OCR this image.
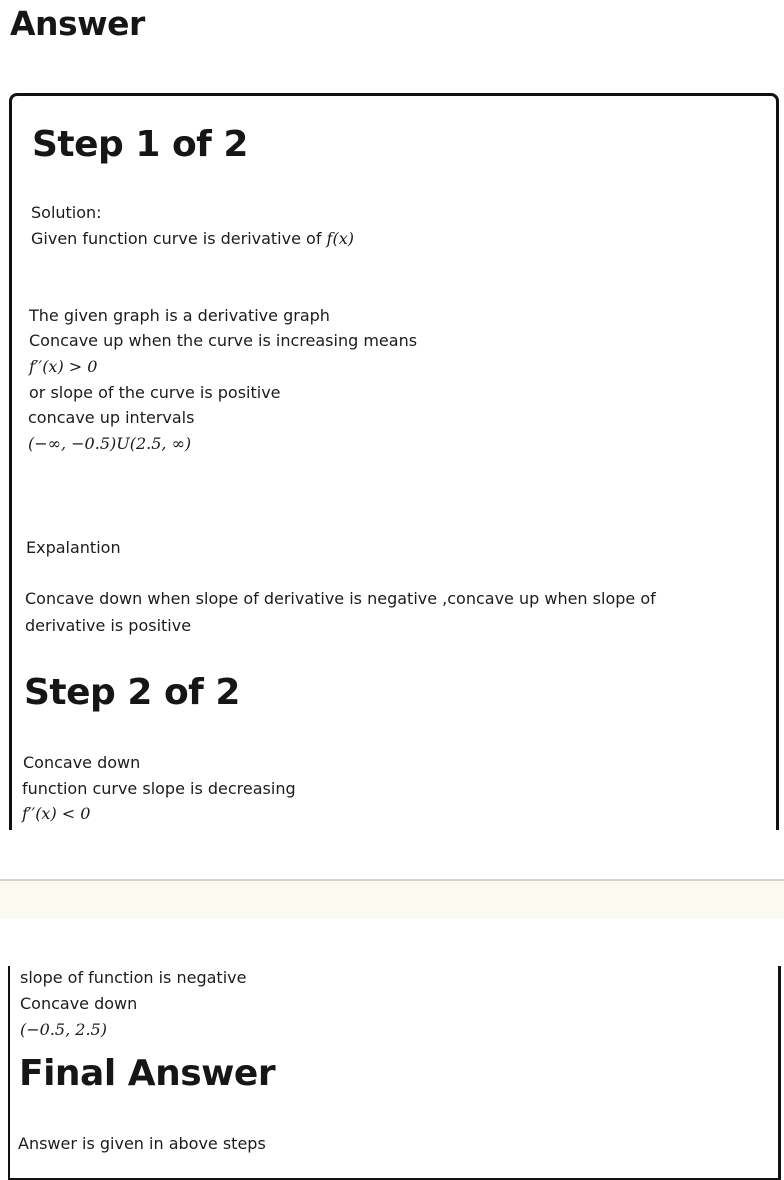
Answer
Step 1 of 2
Solution:
Given function curve is derivative of f(x)
The given graph is a derivative graph
Concave up when the curve is increasing means
f′′(x) > 0
or slope of the curve is positive
concave up intervals
(−∞, −0.5)U(2.5, ∞)
Expalantion
Concave down when slope of derivative is negative ,concave up when slope of
derivative is positive
Step 2 of 2
Concave down
function curve slope is decreasing
f′′(x) < 0
slope of function is negative
Concave down
(−0.5, 2.5)
Final Answer
Answer is given in above steps
